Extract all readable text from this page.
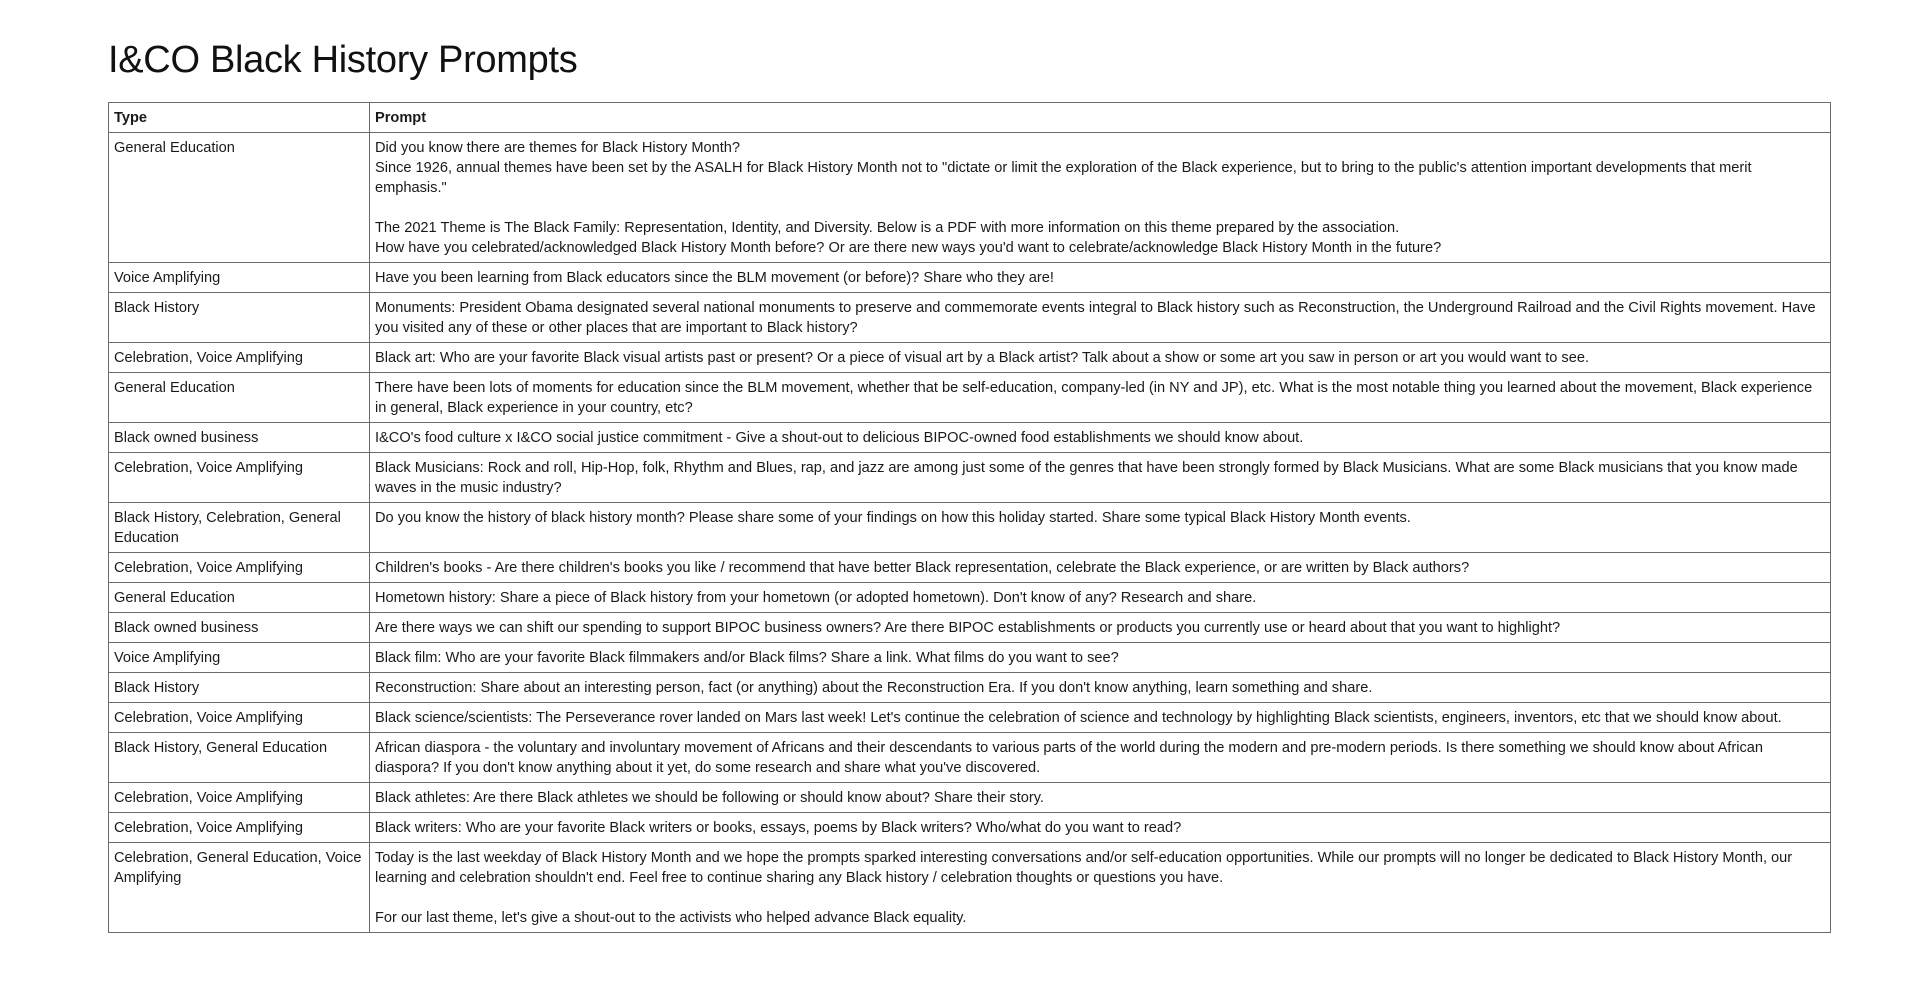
I&CO Black History Prompts
Type	Prompt
General Education	Did you know there are themes for Black History Month?
Since 1926, annual themes have been set by the ASALH for Black History Month not to "dictate or limit the exploration of the Black experience, but to bring to the public's attention important developments that merit emphasis."
The 2021 Theme is The Black Family: Representation, Identity, and Diversity. Below is a PDF with more information on this theme prepared by the association.
How have you celebrated/acknowledged Black History Month before? Or are there new ways you'd want to celebrate/acknowledge Black History Month in the future?

Voice Amplifying	Have you been learning from Black educators since the BLM movement (or before)? Share who they are!

Black History	Monuments: President Obama designated several national monuments to preserve and commemorate events integral to Black history such as Reconstruction, the Underground Railroad and the Civil Rights movement. Have you visited any of these or other places that are important to Black history?

Celebration, Voice Amplifying	Black art: Who are your favorite Black visual artists past or present? Or a piece of visual art by a Black artist? Talk about a show or some art you saw in person or art you would want to see.

General Education	There have been lots of moments for education since the BLM movement, whether that be self-education, company-led (in NY and JP), etc. What is the most notable thing you learned about the movement, Black experience in general, Black experience in your country, etc?

Black owned business	I&CO's food culture x I&CO social justice commitment - Give a shout-out to delicious BIPOC-owned food establishments we should know about.

Celebration, Voice Amplifying	Black Musicians: Rock and roll, Hip-Hop, folk, Rhythm and Blues, rap, and jazz are among just some of the genres that have been strongly formed by Black Musicians. What are some Black musicians that you know made waves in the music industry?

Black History, Celebration, General Education	Do you know the history of black history month? Please share some of your findings on how this holiday started. Share some typical Black History Month events.

Celebration, Voice Amplifying	Children's books - Are there children's books you like / recommend that have better Black representation, celebrate the Black experience, or are written by Black authors?

General Education	Hometown history: Share a piece of Black history from your hometown (or adopted hometown). Don't know of any? Research and share.

Black owned business	Are there ways we can shift our spending to support BIPOC business owners? Are there BIPOC establishments or products you currently use or heard about that you want to highlight?

Voice Amplifying	Black film: Who are your favorite Black filmmakers and/or Black films? Share a link. What films do you want to see?

Black History	Reconstruction: Share about an interesting person, fact (or anything) about the Reconstruction Era. If you don't know anything, learn something and share.

Celebration, Voice Amplifying	Black science/scientists: The Perseverance rover landed on Mars last week! Let's continue the celebration of science and technology by highlighting Black scientists, engineers, inventors, etc that we should know about.

Black History, General Education	African diaspora - the voluntary and involuntary movement of Africans and their descendants to various parts of the world during the modern and pre-modern periods. Is there something we should know about African diaspora? If you don't know anything about it yet, do some research and share what you've discovered.

Celebration, Voice Amplifying	Black athletes: Are there Black athletes we should be following or should know about? Share their story.

Celebration, Voice Amplifying	Black writers: Who are your favorite Black writers or books, essays, poems by Black writers? Who/what do you want to read?

Celebration, General Education, Voice Amplifying	Today is the last weekday of Black History Month and we hope the prompts sparked interesting conversations and/or self-education opportunities. While our prompts will no longer be dedicated to Black History Month, our learning and celebration shouldn't end. Feel free to continue sharing any Black history / celebration thoughts or questions you have.
For our last theme, let's give a shout-out to the activists who helped advance Black equality.
